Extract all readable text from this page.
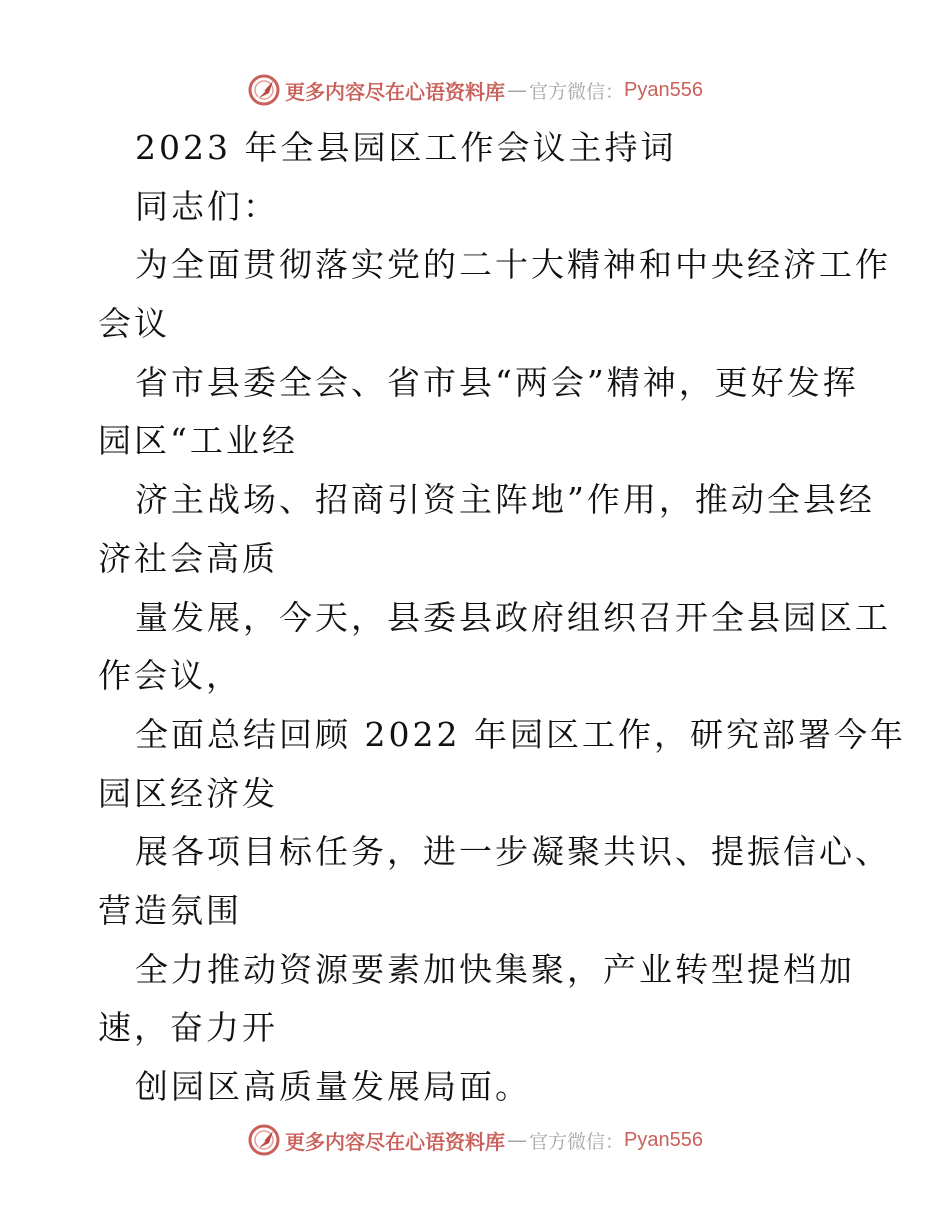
更多内容尽在心语资料库 — 官方微信： Pyan556
2023 年全县园区工作会议主持词
同志们：
为全面贯彻落实党的二十大精神和中央经济工作
会议
省市县委全会、省市县“两会”精神，更好发挥
园区“工业经
济主战场、招商引资主阵地”作用，推动全县经
济社会高质
量发展，今天，县委县政府组织召开全县园区工
作会议，
全面总结回顾 2022 年园区工作，研究部署今年
园区经济发
展各项目标任务，进一步凝聚共识、提振信心、
营造氛围
全力推动资源要素加快集聚，产业转型提档加
速，奋力开
创园区高质量发展局面。
更多内容尽在心语资料库 — 官方微信： Pyan556
